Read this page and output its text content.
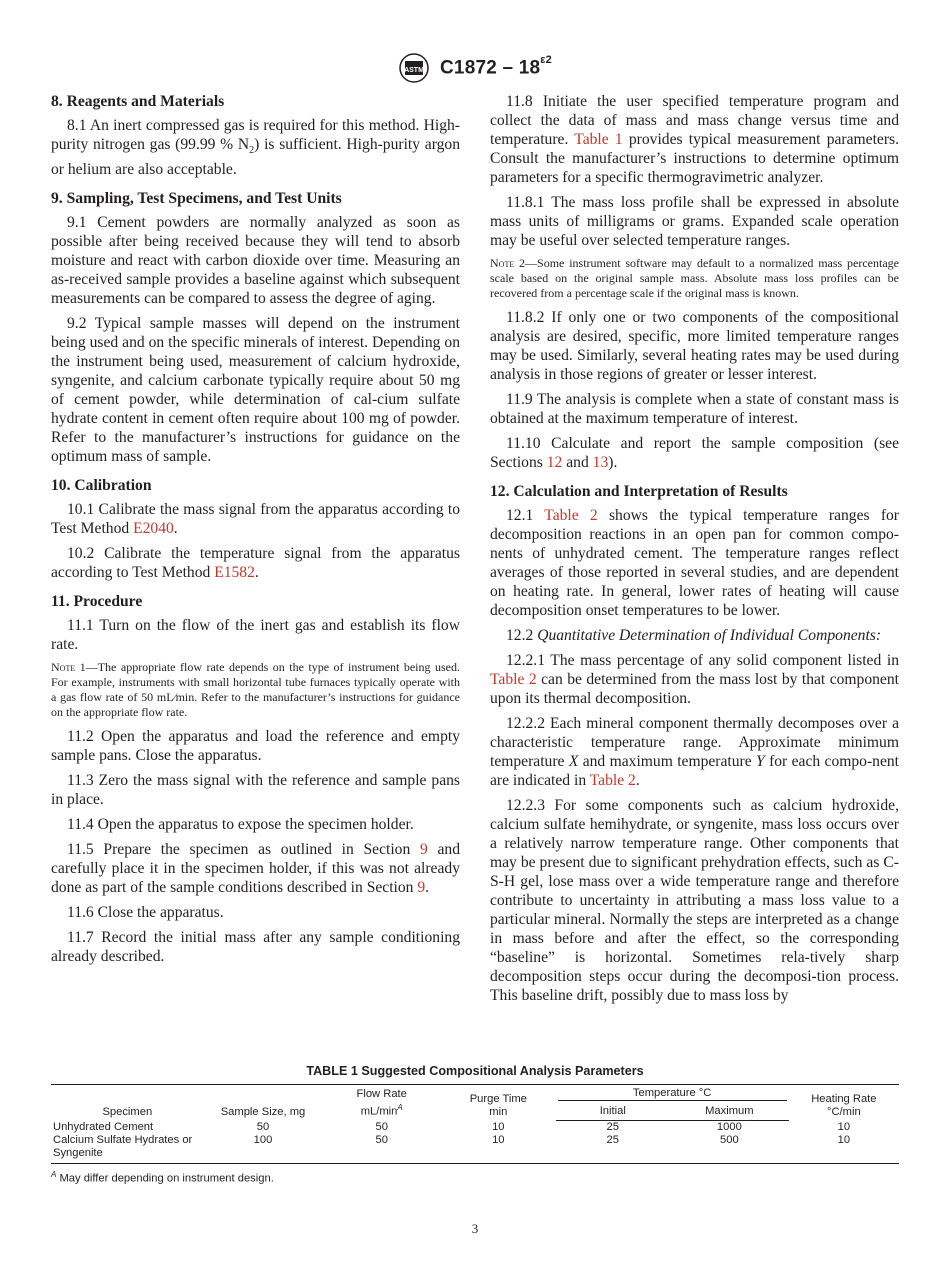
ASTM $C1872 - 18^{\varepsilon 2}$
8. Reagents and Materials

8.1 An inert compressed gas is required for this method. High-purity nitrogen gas (99.99 % $N_2$) is sufficient. High-purity argon or helium are also acceptable.

9. Sampling, Test Specimens, and Test Units

9.1 Cement powders are normally analyzed as soon as possible after being received because they will tend to absorb moisture and react with carbon dioxide over time. Measuring an as-received sample provides a baseline against which subsequent measurements can be compared to assess the degree of aging.

9.2 Typical sample masses will depend on the instrument being used and on the specific minerals of interest. Depending on the instrument being used, measurement of calcium hydroxide, syngenite, and calcium carbonate typically require about 50 mg of cement powder, while determination of cal-cium sulfate hydrate content in cement often require about 100 mg of powder. Refer to the manufacturer’s instructions for guidance on the optimum mass of sample.

10. Calibration

10.1 Calibrate the mass signal from the apparatus according to Test Method E2040.

10.2 Calibrate the temperature signal from the apparatus according to Test Method E1582.

11. Procedure

11.1 Turn on the flow of the inert gas and establish its flow rate.

Note 1—The appropriate flow rate depends on the type of instrument being used. For example, instruments with small horizontal tube furnaces typically operate with a gas flow rate of 50 mL⁄min. Refer to the manufacturer’s instructions for guidance on the appropriate flow rate.

11.2 Open the apparatus and load the reference and empty sample pans. Close the apparatus.

11.3 Zero the mass signal with the reference and sample pans in place.

11.4 Open the apparatus to expose the specimen holder.

11.5 Prepare the specimen as outlined in Section 9 and carefully place it in the specimen holder, if this was not already done as part of the sample conditions described in Section 9.

11.6 Close the apparatus.

11.7 Record the initial mass after any sample conditioning already described.

11.8 Initiate the user specified temperature program and collect the data of mass and mass change versus time and temperature. Table 1 provides typical measurement parameters. Consult the manufacturer’s instructions to determine optimum parameters for a specific thermogravimetric analyzer.

11.8.1 The mass loss profile shall be expressed in absolute mass units of milligrams or grams. Expanded scale operation may be useful over selected temperature ranges.

Note 2—Some instrument software may default to a normalized mass percentage scale based on the original sample mass. Absolute mass loss profiles can be recovered from a percentage scale if the original mass is known.

11.8.2 If only one or two components of the compositional analysis are desired, specific, more limited temperature ranges may be used. Similarly, several heating rates may be used during analysis in those regions of greater or lesser interest.

11.9 The analysis is complete when a state of constant mass is obtained at the maximum temperature of interest.

11.10 Calculate and report the sample composition (see Sections 12 and 13).

12. Calculation and Interpretation of Results

12.1 Table 2 shows the typical temperature ranges for decomposition reactions in an open pan for common compo-nents of unhydrated cement. The temperature ranges reflect averages of those reported in several studies, and are dependent on heating rate. In general, lower rates of heating will cause decomposition onset temperatures to be lower.

12.2 Quantitative Determination of Individual Components:

12.2.1 The mass percentage of any solid component listed in Table 2 can be determined from the mass lost by that component upon its thermal decomposition.

12.2.2 Each mineral component thermally decomposes over a characteristic temperature range. Approximate minimum temperature X and maximum temperature Y for each compo-nent are indicated in Table 2.

12.2.3 For some components such as calcium hydroxide, calcium sulfate hemihydrate, or syngenite, mass loss occurs over a relatively narrow temperature range. Other components that may be present due to significant prehydration effects, such as C-S-H gel, lose mass over a wide temperature range and therefore contribute to uncertainty in attributing a mass loss value to a particular mineral. Normally the steps are interpreted as a change in mass before and after the effect, so the corresponding “baseline” is horizontal. Sometimes rela-tively sharp decomposition steps occur during the decomposi-tion process. This baseline drift, possibly due to mass loss by

TABLE 1 Suggested Compositional Analysis Parameters
Specimen	Sample Size, mg	Flow Rate
$mL/\min^A$	Purge Time
min	Temperature °C		Heating Rate
°C/min
				Initial	Maximum	
Unhydrated Cement	50	50	10	25	1000	10
Calcium Sulfate Hydrates or Syngenite	100	50	10	25	500	10
$^A$ May differ depending on instrument design.
3
